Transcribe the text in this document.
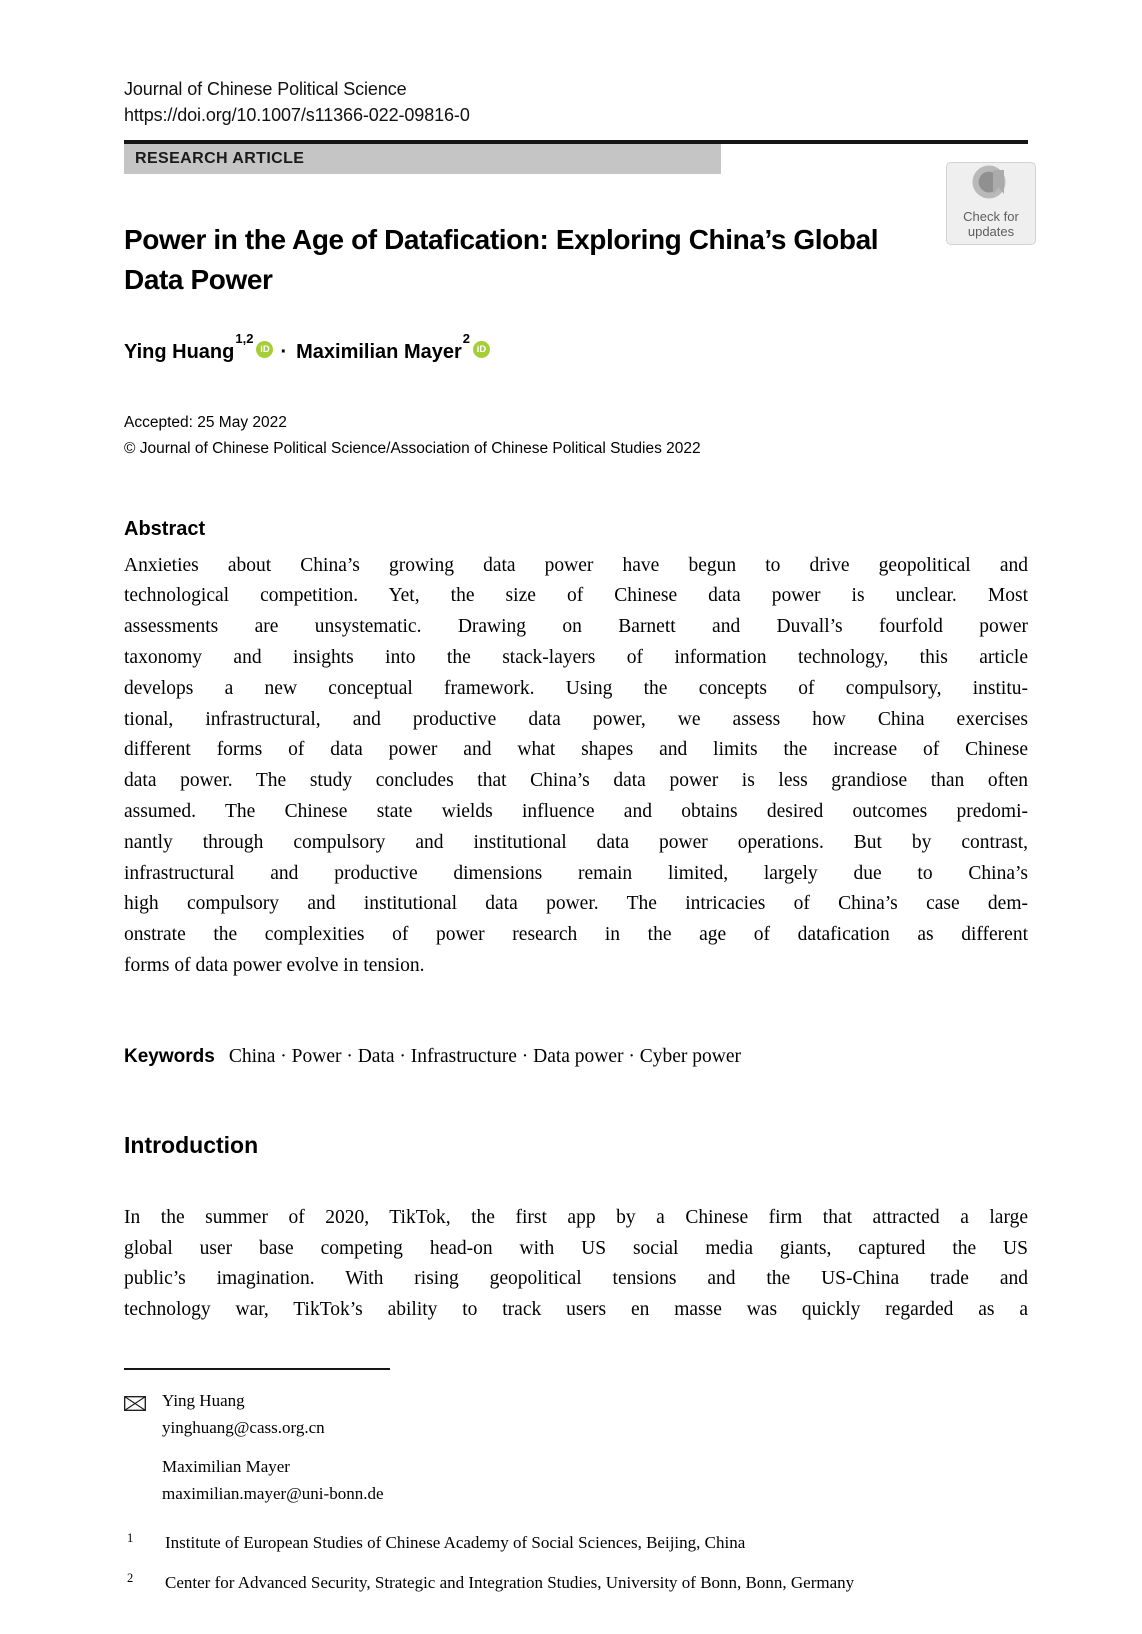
Check for
updates
Journal of Chinese Political Science
https://doi.org/10.1007/s11366-022-09816-0
RESEARCH ARTICLE
Power in the Age of Datafication: Exploring China’s Global
Data Power
Ying Huang$^{1,2}$iD · Maximilian Mayer$^2$iD
Accepted: 25 May 2022
© Journal of Chinese Political Science/Association of Chinese Political Studies 2022
Abstract
Anxieties about China’s growing data power have begun to drive geopolitical and
technological competition. Yet, the size of Chinese data power is unclear. Most
assessments are unsystematic. Drawing on Barnett and Duvall’s fourfold power
taxonomy and insights into the stack-layers of information technology, this article
develops a new conceptual framework. Using the concepts of compulsory, institu-
tional, infrastructural, and productive data power, we assess how China exercises
different forms of data power and what shapes and limits the increase of Chinese
data power. The study concludes that China’s data power is less grandiose than often
assumed. The Chinese state wields influence and obtains desired outcomes predomi-
nantly through compulsory and institutional data power operations. But by contrast,
infrastructural and productive dimensions remain limited, largely due to China’s
high compulsory and institutional data power. The intricacies of China’s case dem-
onstrate the complexities of power research in the age of datafication as different
forms of data power evolve in tension.
Keywords China · Power · Data · Infrastructure · Data power · Cyber power
Introduction
In the summer of 2020, TikTok, the first app by a Chinese firm that attracted a large
global user base competing head-on with US social media giants, captured the US
public’s imagination. With rising geopolitical tensions and the US-China trade and
technology war, TikTok’s ability to track users en masse was quickly regarded as a
Ying Huang
yinghuang@cass.org.cn
Maximilian Mayer
maximilian.mayer@uni-bonn.de
1	Institute of European Studies of Chinese Academy of Social Sciences, Beijing, China
2	Center for Advanced Security, Strategic and Integration Studies, University of Bonn, Bonn, Germany
